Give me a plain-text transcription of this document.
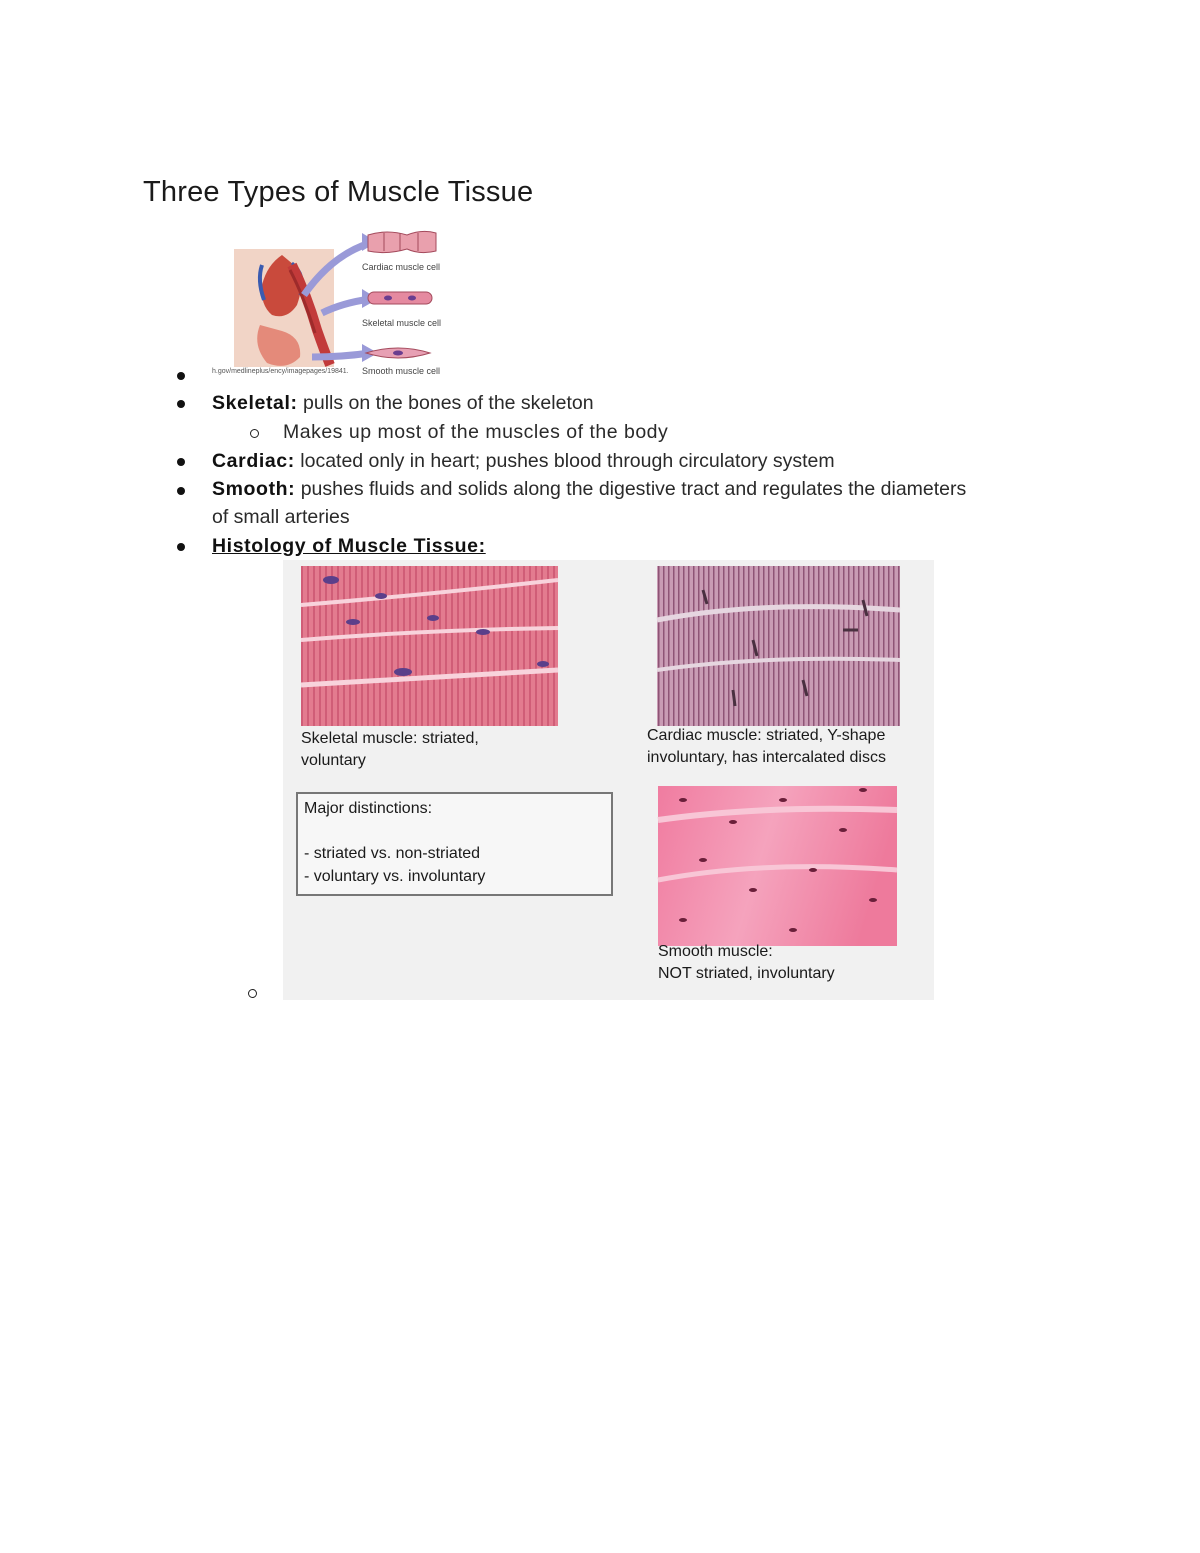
Three Types of Muscle Tissue
Cardiac muscle cell
Skeletal muscle cell
Smooth muscle cell
h.gov/medlineplus/ency/imagepages/19841.
Skeletal: pulls on the bones of the skeleton
Makes up most of the muscles of the body
Cardiac: located only in heart; pushes blood through circulatory system
Smooth: pushes fluids and solids along the digestive tract and regulates the diameters
of small arteries
Histology of Muscle Tissue:
Skeletal muscle: striated,
voluntary
Cardiac muscle: striated, Y-shape
involuntary, has intercalated discs
Major distinctions:
- striated vs. non-striated
- voluntary vs. involuntary
Smooth muscle:
NOT striated, involuntary
